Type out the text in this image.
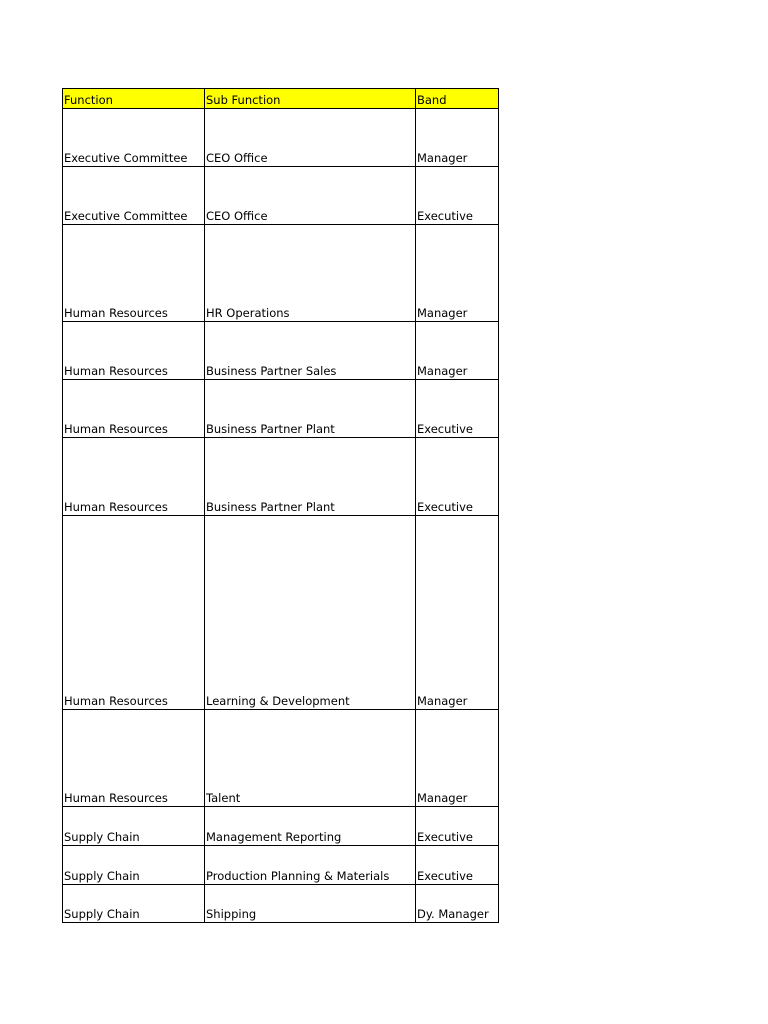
Function	Sub Function	Band
Executive Committee	CEO Office	Manager
Executive Committee	CEO Office	Executive
Human Resources	HR Operations	Manager
Human Resources	Business Partner Sales	Manager
Human Resources	Business Partner Plant	Executive
Human Resources	Business Partner Plant	Executive
Human Resources	Learning & Development	Manager
Human Resources	Talent	Manager
Supply Chain	Management Reporting	Executive
Supply Chain	Production Planning & Materials	Executive
Supply Chain	Shipping	Dy. Manager
